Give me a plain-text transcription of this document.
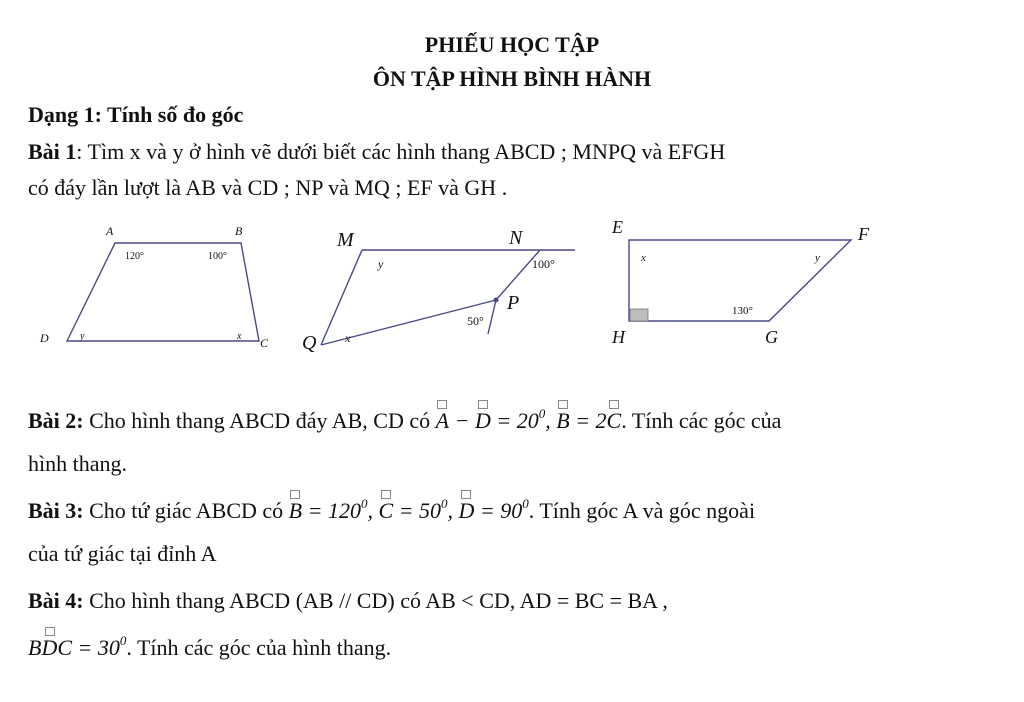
PHIẾU HỌC TẬP
ÔN TẬP HÌNH BÌNH HÀNH
Dạng 1: Tính số đo góc
Bài 1: Tìm x và y ở hình vẽ dưới biết các hình thang ABCD ; MNPQ và EFGH
có đáy lần lượt là AB và CD ; NP và MQ ; EF và GH .
A	B
C
D
120°	100°
x
y
M	N
P
Q
100°
50°
y
x
E	F
G
H
130°
x	y
Bài 2: Cho hình thang ABCD đáy AB, CD có $A - D = 20^0$, B = 2C. Tính các góc của
hình thang.
Bài 3: Cho tứ giác ABCD có $B = 120^0$, $C = 50^0$, $D = 90^0$. Tính góc A và góc ngoài
của tứ giác tại đỉnh A
Bài 4: Cho hình thang ABCD (AB // CD) có AB < CD, AD = BC = BA ,
BDC = $30^0$. Tính các góc của hình thang.
